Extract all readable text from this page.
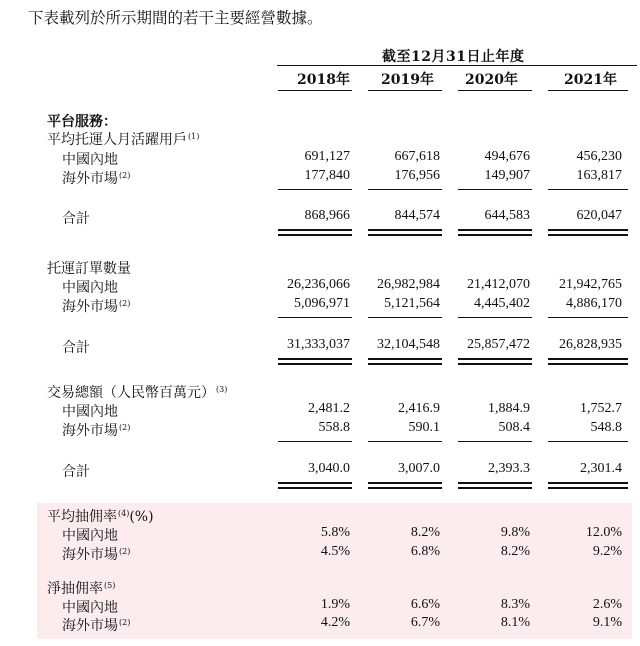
下表載列於所示期間的若干主要經營數據。
截至12月31日止年度
2018年	2019年	2020年	2021年
平台服務：
平均托運人月活躍用戶$^{(1)}$
中國內地	691,127	667,618	494,676	456,230
海外市場$^{(2)}$	177,840	176,956	149,907	163,817
合計	868,966	844,574	644,583	620,047
托運訂單數量
中國內地	26,236,066	26,982,984	21,412,070	21,942,765
海外市場$^{(2)}$	5,096,971	5,121,564	4,445,402	4,886,170
合計	31,333,037	32,104,548	25,857,472	26,828,935
交易總額（人民幣百萬元）$^{(3)}$
中國內地	2,481.2	2,416.9	1,884.9	1,752.7
海外市場$^{(2)}$	558.8	590.1	508.4	548.8
合計	3,040.0	3,007.0	2,393.3	2,301.4
平均抽佣率$^{(4)}$(%)
中國內地	5.8%	8.2%	9.8%	12.0%
海外市場$^{(2)}$	4.5%	6.8%	8.2%	9.2%
淨抽佣率$^{(5)}$
中國內地	1.9%	6.6%	8.3%	2.6%
海外市場$^{(2)}$	4.2%	6.7%	8.1%	9.1%
